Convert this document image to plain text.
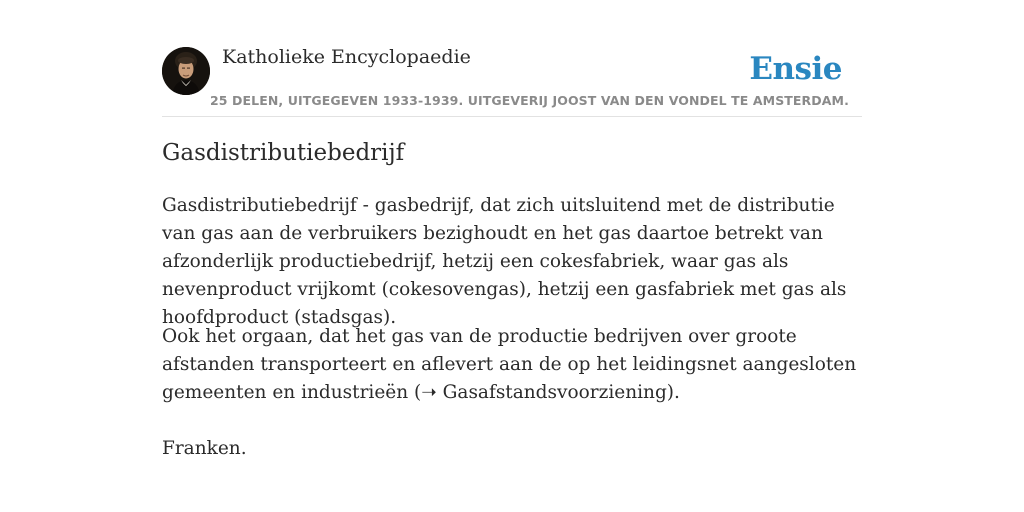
Katholieke Encyclopaedie	Ensie
25 DELEN, UITGEGEVEN 1933-1939. UITGEVERIJ JOOST VAN DEN VONDEL TE AMSTERDAM.
Gasdistributiebedrijf

Gasdistributiebedrijf - gasbedrijf, dat zich uitsluitend met de distributie van gas aan de verbruikers bezighoudt en het gas daartoe betrekt van afzonderlijk productiebedrijf, hetzij een cokesfabriek, waar gas als nevenproduct vrijkomt (cokesovengas), hetzij een gasfabriek met gas als hoofdproduct (stadsgas).

Ook het orgaan, dat het gas van de productie bedrijven over groote afstanden transporteert en aflevert aan de op het leidingsnet aangesloten gemeenten en industrieën (➝ Gasafstandsvoorziening).

Franken.
